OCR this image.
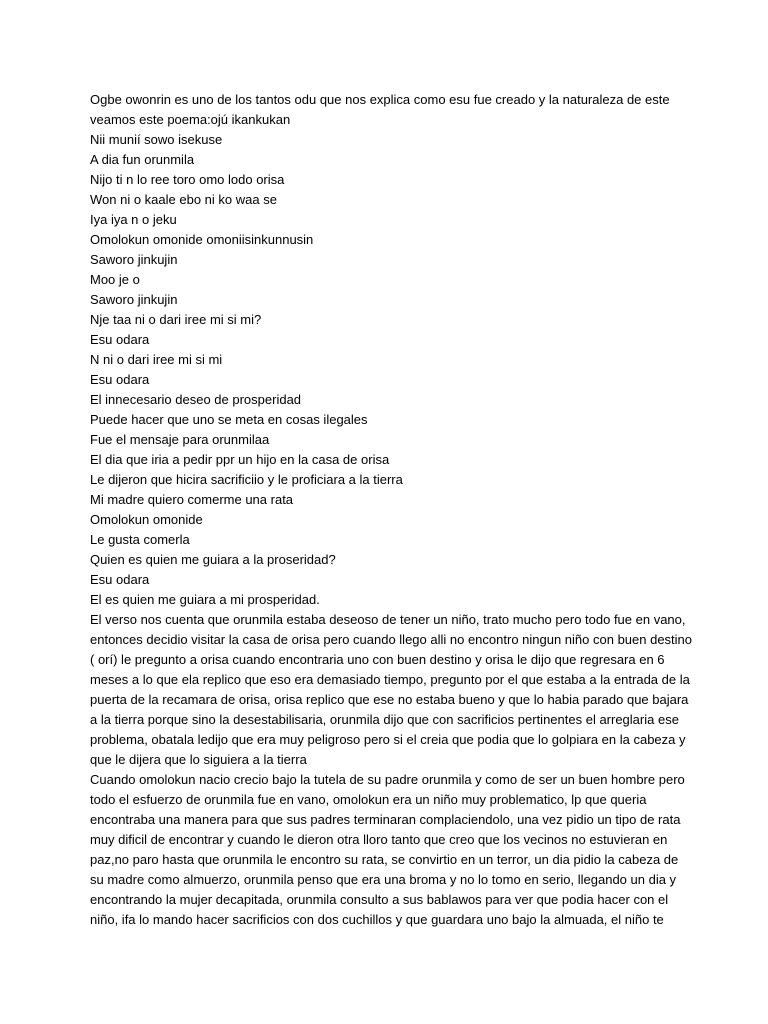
Ogbe owonrin es uno de los tantos odu que nos explica como esu fue creado y la naturaleza de este
veamos este poema:ojú ikankukan
Nii munií sowo isekuse
A dia fun orunmila
Nijo ti n lo ree toro omo lodo orisa
Won ni o kaale ebo ni ko waa se
Iya iya n o jeku
Omolokun omonide omoniisinkunnusin
Saworo jinkujin
Moo je o
Saworo jinkujin
Nje taa ni o dari iree mi si mi?
Esu odara
N ni o dari iree mi si mi
Esu odara
El innecesario deseo de prosperidad
Puede hacer que uno se meta en cosas ilegales
Fue el mensaje para orunmilaa
El dia que iria a pedir ppr un hijo en la casa de orisa
Le dijeron que hicira sacrificiio y le proficiara a la tierra
Mi madre quiero comerme una rata
Omolokun omonide
Le gusta comerla
Quien es quien me guiara a la proseridad?
Esu odara
El es quien me guiara a mi prosperidad.
El verso nos cuenta que orunmila estaba deseoso de tener un niño, trato mucho pero todo fue en vano,
entonces decidio visitar la casa de orisa pero cuando llego alli no encontro ningun niño con buen destino
( orí) le pregunto a orisa cuando encontraria uno con buen destino y orisa le dijo que regresara en 6
meses a lo que ela replico que eso era demasiado tiempo, pregunto por el que estaba a la entrada de la
puerta de la recamara de orisa, orisa replico que ese no estaba bueno y que lo habia parado que bajara
a la tierra porque sino la desestabilisaria, orunmila dijo que con sacrificios pertinentes el arreglaria ese
problema, obatala ledijo que era muy peligroso pero si el creia que podia que lo golpiara en la cabeza y
que le dijera que lo siguiera a la tierra
Cuando omolokun nacio crecio bajo la tutela de su padre orunmila y como de ser un buen hombre pero
todo el esfuerzo de orunmila fue en vano, omolokun era un niño muy problematico, lp que queria
encontraba una manera para que sus padres terminaran complaciendolo, una vez pidio un tipo de rata
muy dificil de encontrar y cuando le dieron otra lloro tanto que creo que los vecinos no estuvieran en
paz,no paro hasta que orunmila le encontro su rata, se convirtio en un terror, un dia pidio la cabeza de
su madre como almuerzo, orunmila penso que era una broma y no lo tomo en serio, llegando un dia y
encontrando la mujer decapitada, orunmila consulto a sus bablawos para ver que podia hacer con el
niño, ifa lo mando hacer sacrificios con dos cuchillos y que guardara uno bajo la almuada, el niño te
